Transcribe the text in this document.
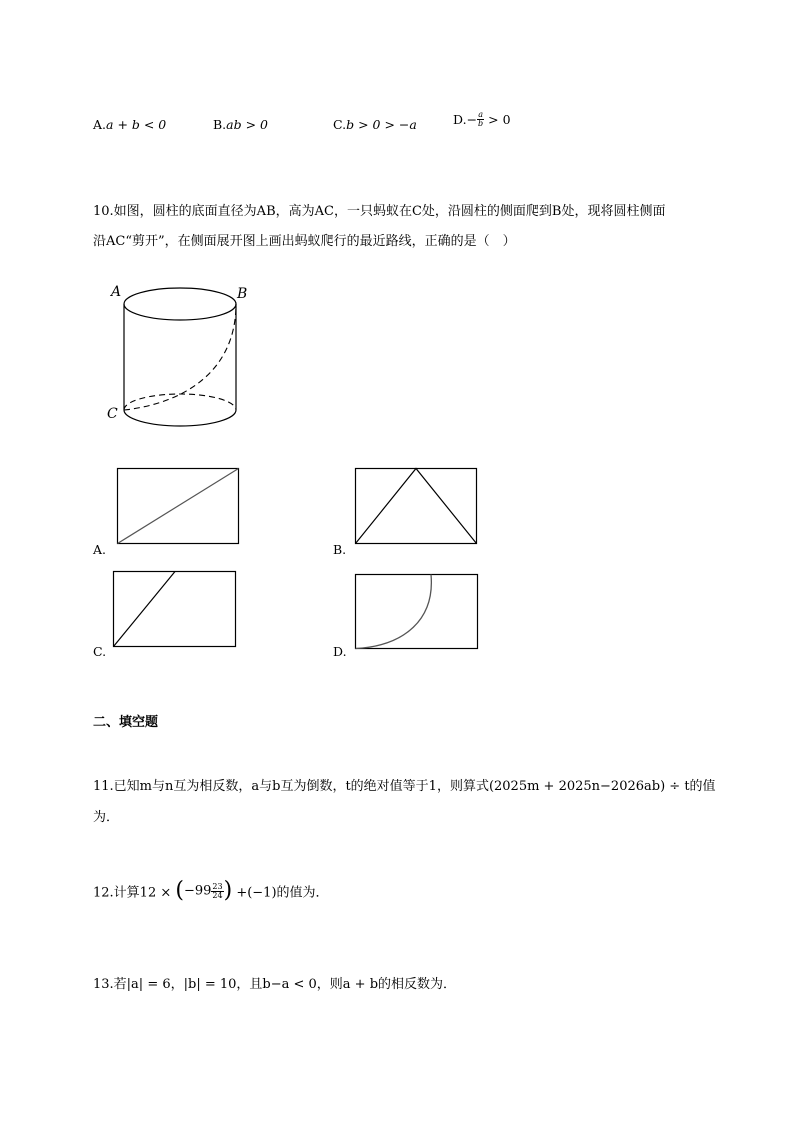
A.a + b < 0	B.ab > 0	C.b > 0 > −a	$D.- \frac{a}{b} > 0$
10.如图，圆柱的底面直径为AB，高为AC，一只蚂蚁在C处，沿圆柱的侧面爬到B处，现将圆柱侧面
沿AC“剪开”，在侧面展开图上画出蚂蚁爬行的最近路线，正确的是（　）
A	B
C
A.	B.
C.	D.
二、填空题
11.已知m与n互为相反数，a与b互为倒数，t的绝对值等于1，则算式(2025m + 2025n−2026ab) ÷ t的值
为．
12.计算$12 \times (-99 \frac{23}{24}$ ) +(−1)的值为．
13.若|a| = 6，|b| = 10，且b−a < 0，则a + b的相反数为．
